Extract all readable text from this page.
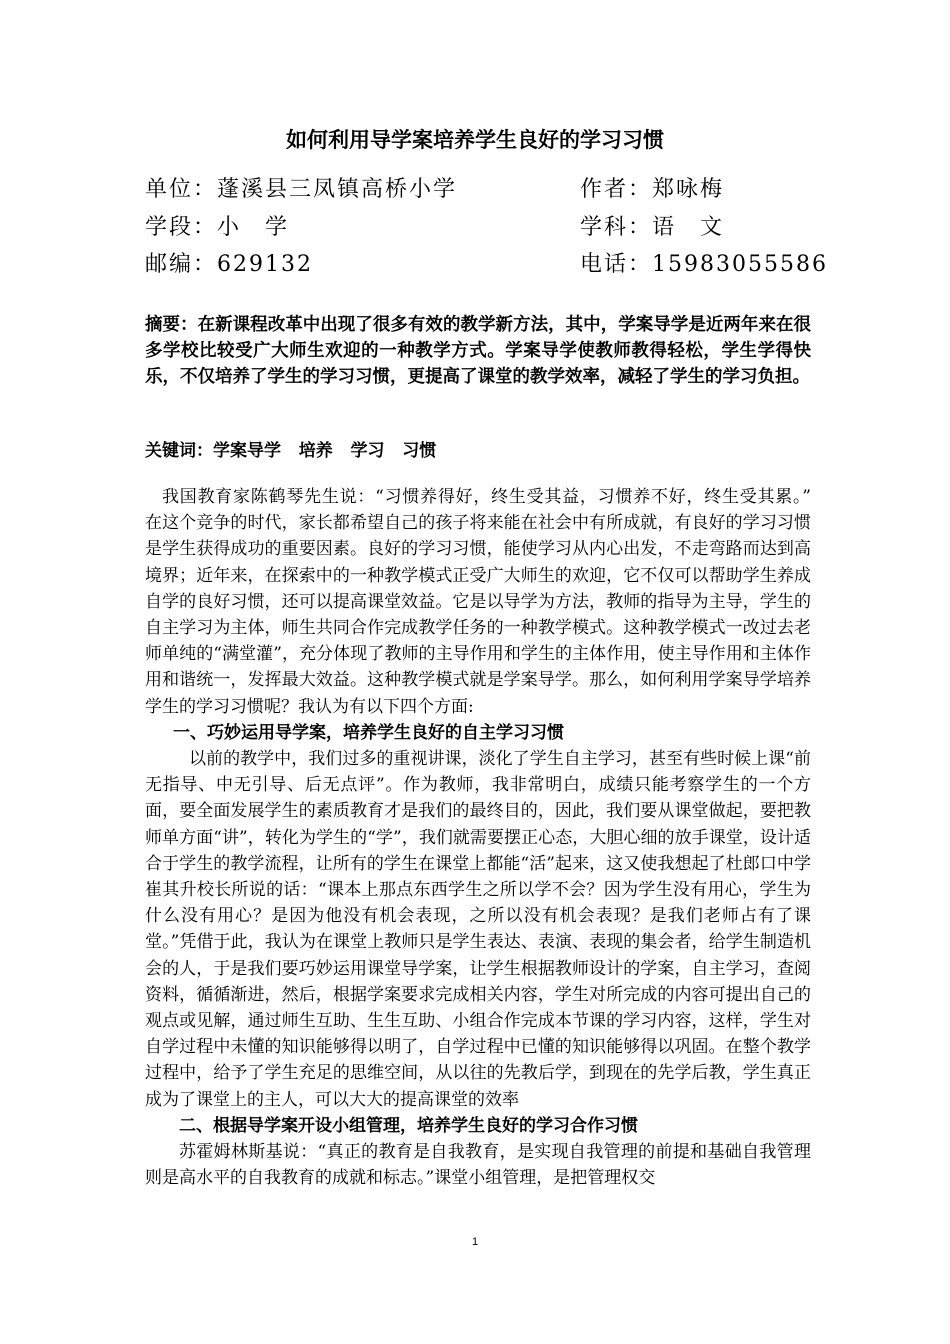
如何利用导学案培养学生良好的学习习惯
单位：蓬溪县三凤镇高桥小学	作者：郑咏梅
学段：小　学	学科：语　文
邮编：629132	电话：15983055586
摘要：在新课程改革中出现了很多有效的教学新方法，其中，学案导学是近两年来在很多学校比较受广大师生欢迎的一种教学方式。学案导学使教师教得轻松，学生学得快乐，不仅培养了学生的学习习惯，更提高了课堂的教学效率，减轻了学生的学习负担。
关键词：学案导学   培养   学习   习惯

我国教育家陈鹤琴先生说：“习惯养得好，终生受其益，习惯养不好，终生受其累。”　在这个竞争的时代，家长都希望自己的孩子将来能在社会中有所成就，有良好的学习习惯是学生获得成功的重要因素。良好的学习习惯，能使学习从内心出发，不走弯路而达到高境界；近年来，在探索中的一种教学模式正受广大师生的欢迎，它不仅可以帮助学生养成自学的良好习惯，还可以提高课堂效益。它是以导学为方法，教师的指导为主导，学生的自主学习为主体，师生共同合作完成教学任务的一种教学模式。这种教学模式一改过去老师单纯的“满堂灌”，充分体现了教师的主导作用和学生的主体作用，使主导作用和主体作用和谐统一，发挥最大效益。这种教学模式就是学案导学。那么，如何利用学案导学培养学生的学习习惯呢？我认为有以下四个方面:

一、巧妙运用导学案，培养学生良好的自主学习习惯

以前的教学中，我们过多的重视讲课，淡化了学生自主学习，甚至有些时候上课“前无指导、中无引导、后无点评”。作为教师，我非常明白，成绩只能考察学生的一个方面，要全面发展学生的素质教育才是我们的最终目的，因此，我们要从课堂做起，要把教师单方面“讲”，转化为学生的“学”，我们就需要摆正心态，大胆心细的放手课堂，设计适合于学生的教学流程，让所有的学生在课堂上都能“活”起来，这又使我想起了杜郎口中学崔其升校长所说的话：“课本上那点东西学生之所以学不会？因为学生没有用心，学生为什么没有用心？是因为他没有机会表现，之所以没有机会表现？是我们老师占有了课堂。”凭借于此，我认为在课堂上教师只是学生表达、表演、表现的集会者，给学生制造机会的人，于是我们要巧妙运用课堂导学案，让学生根据教师设计的学案，自主学习，查阅资料，循循渐进，然后，根据学案要求完成相关内容，学生对所完成的内容可提出自己的观点或见解，通过师生互助、生生互助、小组合作完成本节课的学习内容，这样，学生对自学过程中未懂的知识能够得以明了，自学过程中已懂的知识能够得以巩固。在整个教学过程中，给予了学生充足的思维空间，从以往的先教后学，到现在的先学后教，学生真正成为了课堂上的主人，可以大大的提高课堂的效率

二、根据导学案开设小组管理，培养学生良好的学习合作习惯

苏霍姆林斯基说：“真正的教育是自我教育，是实现自我管理的前提和基础自我管理则是高水平的自我教育的成就和标志。”课堂小组管理，是把管理权交

1
